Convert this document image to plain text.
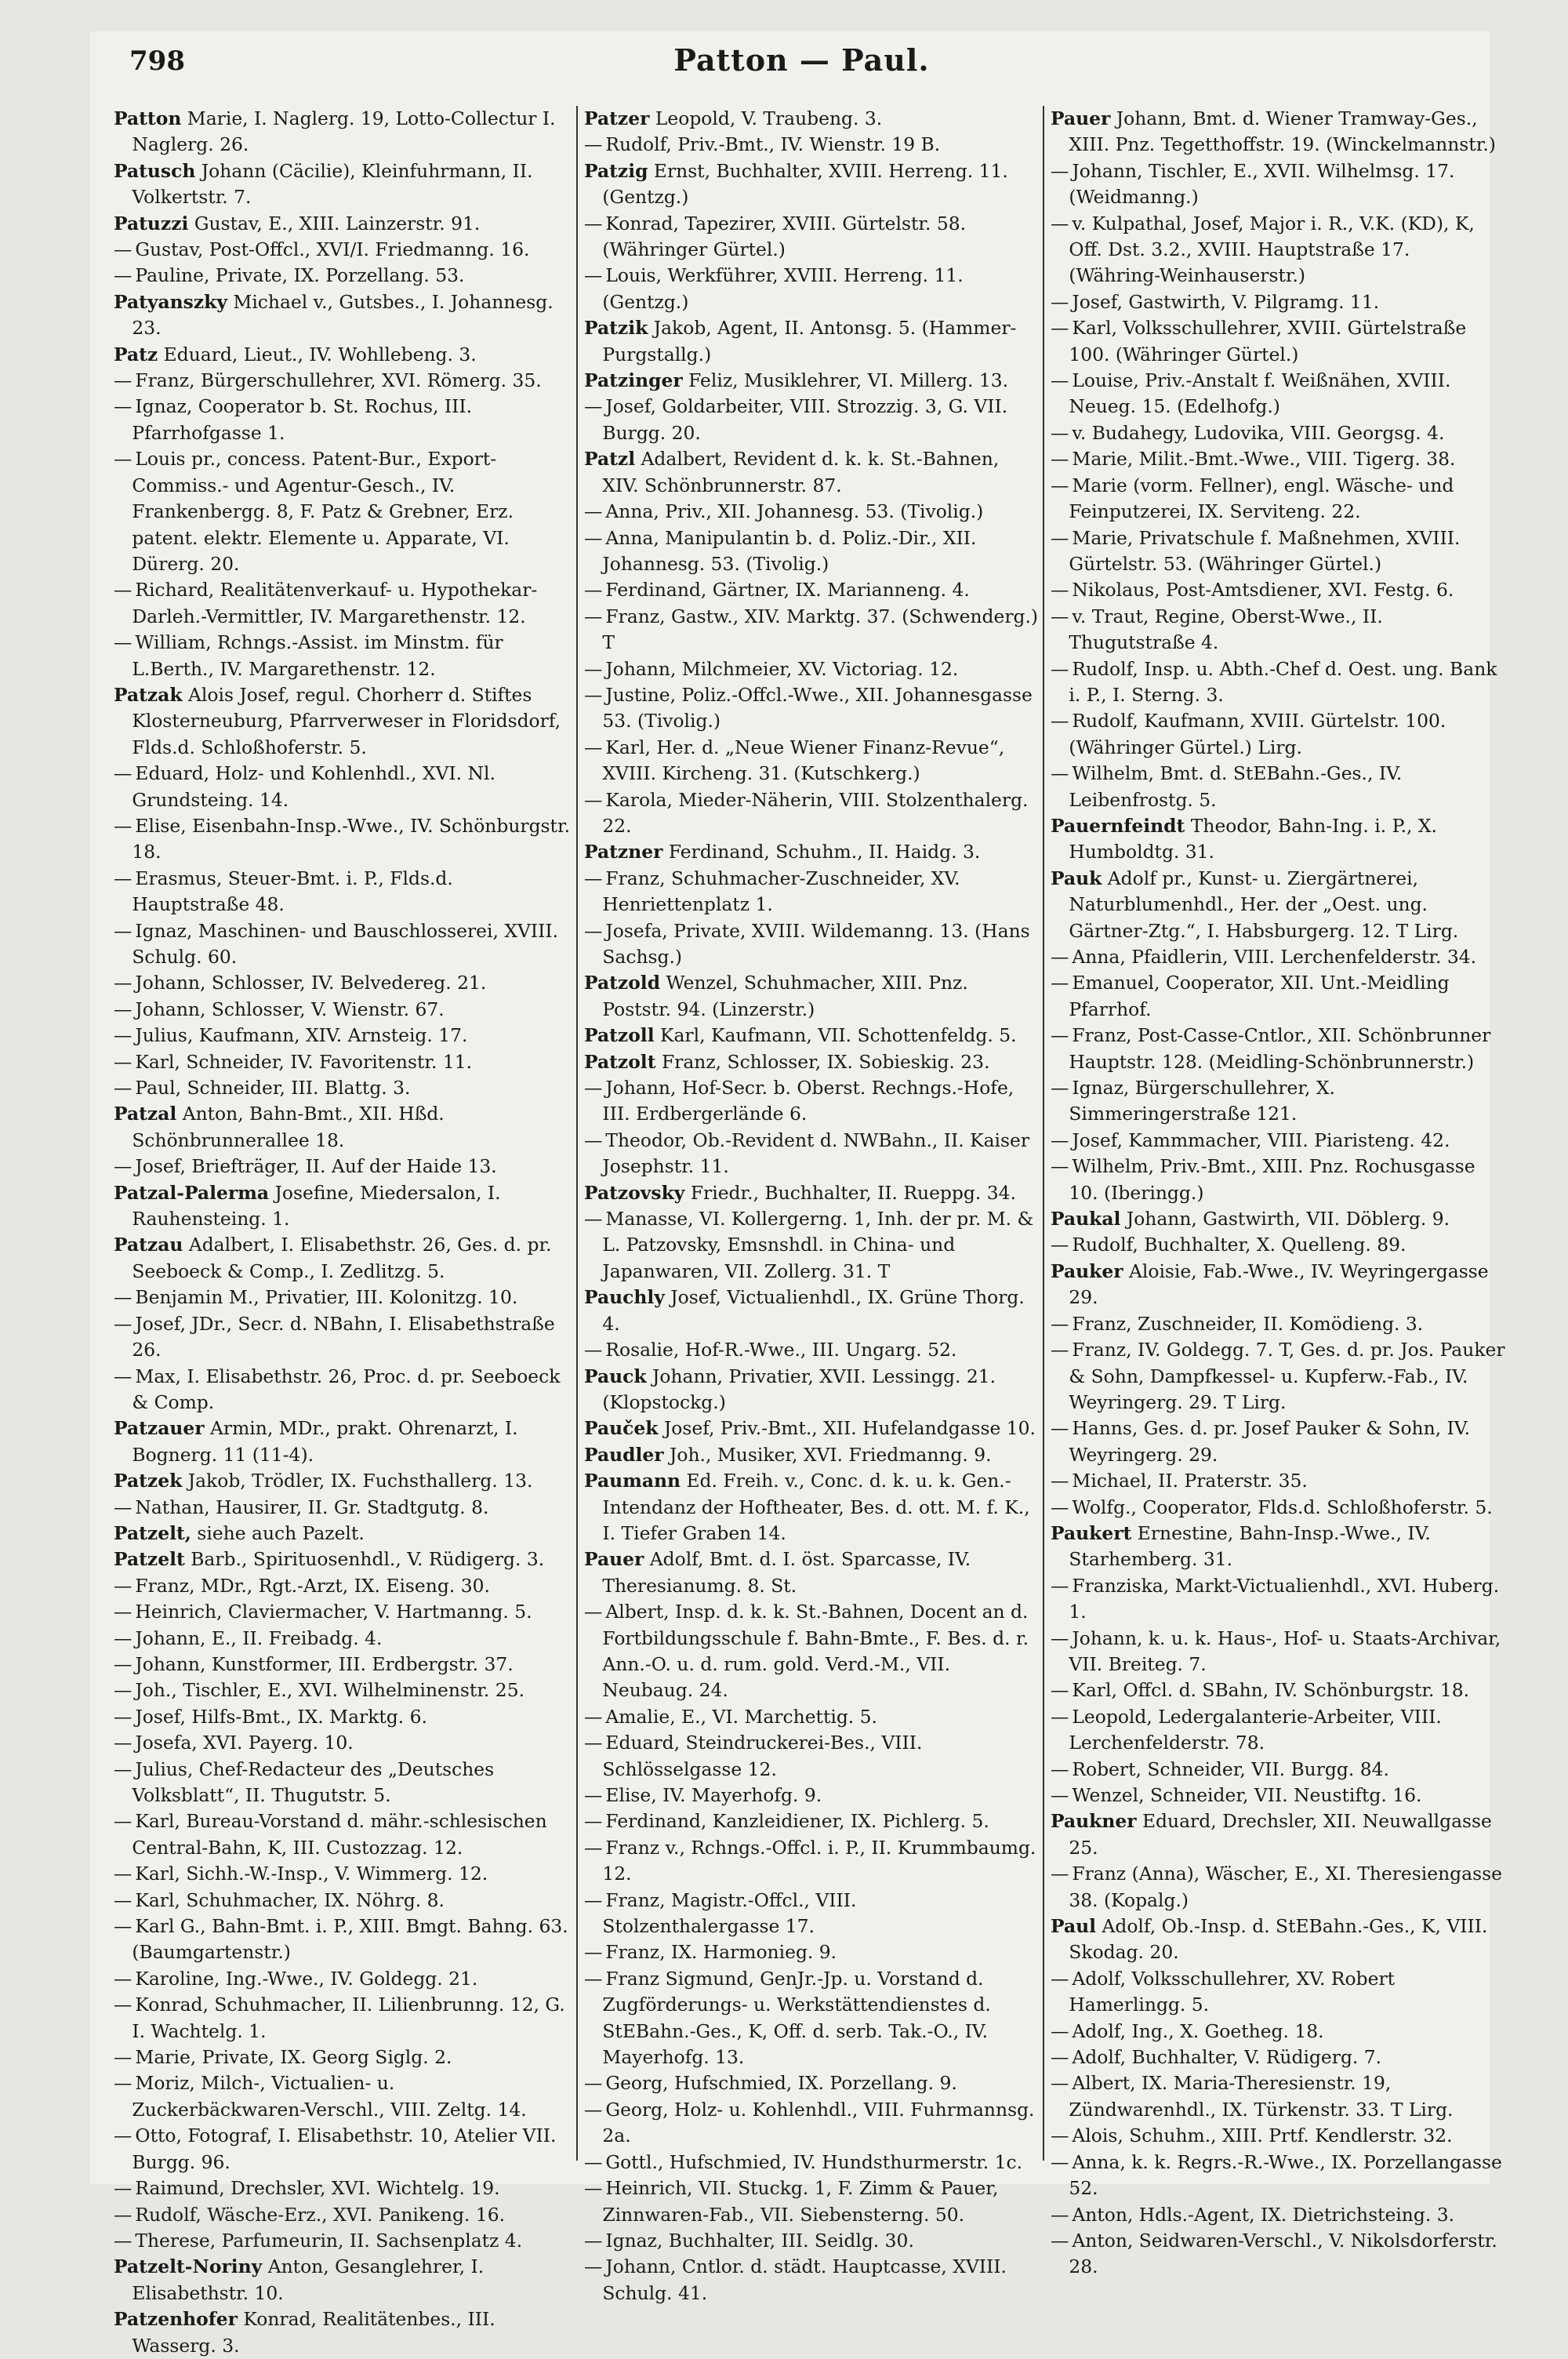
798	Patton — Paul.

Patton Marie, I. Naglerg. 19, Lotto-Collectur I. Naglerg. 26.

Patusch Johann (Cäcilie), Kleinfuhrmann, II. Volkertstr. 7.

Patuzzi Gustav, E., XIII. Lainzerstr. 91.

— Gustav, Post-Offcl., XVI/I. Friedmanng. 16.

— Pauline, Private, IX. Porzellang. 53.

Patyanszky Michael v., Gutsbes., I. Johannesg. 23.

Patz Eduard, Lieut., IV. Wohllebeng. 3.

— Franz, Bürgerschullehrer, XVI. Römerg. 35.

— Ignaz, Cooperator b. St. Rochus, III. Pfarrhofgasse 1.

— Louis pr., concess. Patent-Bur., Export-Commiss.- und Agentur-Gesch., IV. Frankenbergg. 8, F. Patz & Grebner, Erz. patent. elektr. Elemente u. Apparate, VI. Dürerg. 20.

— Richard, Realitätenverkauf- u. Hypothekar-Darleh.-Vermittler, IV. Margarethenstr. 12.

— William, Rchngs.-Assist. im Minstm. für L.Berth., IV. Margarethenstr. 12.

Patzak Alois Josef, regul. Chorherr d. Stiftes Klosterneuburg, Pfarrverweser in Floridsdorf, Flds.d. Schloßhoferstr. 5.

— Eduard, Holz- und Kohlenhdl., XVI. Nl. Grundsteing. 14.

— Elise, Eisenbahn-Insp.-Wwe., IV. Schönburgstr. 18.

— Erasmus, Steuer-Bmt. i. P., Flds.d. Hauptstraße 48.

— Ignaz, Maschinen- und Bauschlosserei, XVIII. Schulg. 60.

— Johann, Schlosser, IV. Belvedereg. 21.

— Johann, Schlosser, V. Wienstr. 67.

— Julius, Kaufmann, XIV. Arnsteig. 17.

— Karl, Schneider, IV. Favoritenstr. 11.

— Paul, Schneider, III. Blattg. 3.

Patzal Anton, Bahn-Bmt., XII. Hßd. Schönbrunnerallee 18.

— Josef, Briefträger, II. Auf der Haide 13.

Patzal-Palerma Josefine, Miedersalon, I. Rauhensteing. 1.

Patzau Adalbert, I. Elisabethstr. 26, Ges. d. pr. Seeboeck & Comp., I. Zedlitzg. 5.

— Benjamin M., Privatier, III. Kolonitzg. 10.

— Josef, JDr., Secr. d. NBahn, I. Elisabethstraße 26.

— Max, I. Elisabethstr. 26, Proc. d. pr. Seeboeck & Comp.

Patzauer Armin, MDr., prakt. Ohrenarzt, I. Bognerg. 11 (11-4).

Patzek Jakob, Trödler, IX. Fuchsthallerg. 13.

— Nathan, Hausirer, II. Gr. Stadtgutg. 8.

Patzelt, siehe auch Pazelt.

Patzelt Barb., Spirituosenhdl., V. Rüdigerg. 3.

— Franz, MDr., Rgt.-Arzt, IX. Eiseng. 30.

— Heinrich, Claviermacher, V. Hartmanng. 5.

— Johann, E., II. Freibadg. 4.

— Johann, Kunstformer, III. Erdbergstr. 37.

— Joh., Tischler, E., XVI. Wilhelminenstr. 25.

— Josef, Hilfs-Bmt., IX. Marktg. 6.

— Josefa, XVI. Payerg. 10.

— Julius, Chef-Redacteur des „Deutsches Volksblatt“, II. Thugutstr. 5.

— Karl, Bureau-Vorstand d. mähr.-schlesischen Central-Bahn, K, III. Custozzag. 12.

— Karl, Sichh.-W.-Insp., V. Wimmerg. 12.

— Karl, Schuhmacher, IX. Nöhrg. 8.

— Karl G., Bahn-Bmt. i. P., XIII. Bmgt. Bahng. 63. (Baumgartenstr.)

— Karoline, Ing.-Wwe., IV. Goldegg. 21.

— Konrad, Schuhmacher, II. Lilienbrunng. 12, G. I. Wachtelg. 1.

— Marie, Private, IX. Georg Siglg. 2.

— Moriz, Milch-, Victualien- u. Zuckerbäckwaren-Verschl., VIII. Zeltg. 14.

— Otto, Fotograf, I. Elisabethstr. 10, Atelier VII. Burgg. 96.

— Raimund, Drechsler, XVI. Wichtelg. 19.

— Rudolf, Wäsche-Erz., XVI. Panikeng. 16.

— Therese, Parfumeurin, II. Sachsenplatz 4.

Patzelt-Noriny Anton, Gesanglehrer, I. Elisabethstr. 10.

Patzenhofer Konrad, Realitätenbes., III. Wasserg. 3.

Patzer Leopold, V. Traubeng. 3.

— Rudolf, Priv.-Bmt., IV. Wienstr. 19 B.

Patzig Ernst, Buchhalter, XVIII. Herreng. 11. (Gentzg.)

— Konrad, Tapezirer, XVIII. Gürtelstr. 58. (Währinger Gürtel.)

— Louis, Werkführer, XVIII. Herreng. 11. (Gentzg.)

Patzik Jakob, Agent, II. Antonsg. 5. (Hammer-Purgstallg.)

Patzinger Feliz, Musiklehrer, VI. Millerg. 13.

— Josef, Goldarbeiter, VIII. Strozzig. 3, G. VII. Burgg. 20.

Patzl Adalbert, Revident d. k. k. St.-Bahnen, XIV. Schönbrunnerstr. 87.

— Anna, Priv., XII. Johannesg. 53. (Tivolig.)

— Anna, Manipulantin b. d. Poliz.-Dir., XII. Johannesg. 53. (Tivolig.)

— Ferdinand, Gärtner, IX. Marianneng. 4.

— Franz, Gastw., XIV. Marktg. 37. (Schwenderg.) T

— Johann, Milchmeier, XV. Victoriag. 12.

— Justine, Poliz.-Offcl.-Wwe., XII. Johannesgasse 53. (Tivolig.)

— Karl, Her. d. „Neue Wiener Finanz-Revue“, XVIII. Kircheng. 31. (Kutschkerg.)

— Karola, Mieder-Näherin, VIII. Stolzenthalerg. 22.

Patzner Ferdinand, Schuhm., II. Haidg. 3.

— Franz, Schuhmacher-Zuschneider, XV. Henriettenplatz 1.

— Josefa, Private, XVIII. Wildemanng. 13. (Hans Sachsg.)

Patzold Wenzel, Schuhmacher, XIII. Pnz. Poststr. 94. (Linzerstr.)

Patzoll Karl, Kaufmann, VII. Schottenfeldg. 5.

Patzolt Franz, Schlosser, IX. Sobieskig. 23.

— Johann, Hof-Secr. b. Oberst. Rechngs.-Hofe, III. Erdbergerlände 6.

— Theodor, Ob.-Revident d. NWBahn., II. Kaiser Josephstr. 11.

Patzovsky Friedr., Buchhalter, II. Rueppg. 34.

— Manasse, VI. Kollergerng. 1, Inh. der pr. M. & L. Patzovsky, Emsnshdl. in China- und Japanwaren, VII. Zollerg. 31. T

Pauchly Josef, Victualienhdl., IX. Grüne Thorg. 4.

— Rosalie, Hof-R.-Wwe., III. Ungarg. 52.

Pauck Johann, Privatier, XVII. Lessingg. 21. (Klopstockg.)

Pauček Josef, Priv.-Bmt., XII. Hufelandgasse 10.

Paudler Joh., Musiker, XVI. Friedmanng. 9.

Paumann Ed. Freih. v., Conc. d. k. u. k. Gen.-Intendanz der Hoftheater, Bes. d. ott. M. f. K., I. Tiefer Graben 14.

Pauer Adolf, Bmt. d. I. öst. Sparcasse, IV. Theresianumg. 8. St.

— Albert, Insp. d. k. k. St.-Bahnen, Docent an d. Fortbildungsschule f. Bahn-Bmte., F. Bes. d. r. Ann.-O. u. d. rum. gold. Verd.-M., VII. Neubaug. 24.

— Amalie, E., VI. Marchettig. 5.

— Eduard, Steindruckerei-Bes., VIII. Schlösselgasse 12.

— Elise, IV. Mayerhofg. 9.

— Ferdinand, Kanzleidiener, IX. Pichlerg. 5.

— Franz v., Rchngs.-Offcl. i. P., II. Krummbaumg. 12.

— Franz, Magistr.-Offcl., VIII. Stolzenthalergasse 17.

— Franz, IX. Harmonieg. 9.

— Franz Sigmund, GenJr.-Jp. u. Vorstand d. Zugförderungs- u. Werkstättendienstes d. StEBahn.-Ges., K, Off. d. serb. Tak.-O., IV. Mayerhofg. 13.

— Georg, Hufschmied, IX. Porzellang. 9.

— Georg, Holz- u. Kohlenhdl., VIII. Fuhrmannsg. 2a.

— Gottl., Hufschmied, IV. Hundsthurmerstr. 1c.

— Heinrich, VII. Stuckg. 1, F. Zimm & Pauer, Zinnwaren-Fab., VII. Siebensterng. 50.

— Ignaz, Buchhalter, III. Seidlg. 30.

— Johann, Cntlor. d. städt. Hauptcasse, XVIII. Schulg. 41.

Pauer Johann, Bmt. d. Wiener Tramway-Ges., XIII. Pnz. Tegetthoffstr. 19. (Winckelmannstr.)

— Johann, Tischler, E., XVII. Wilhelmsg. 17. (Weidmanng.)

— v. Kulpathal, Josef, Major i. R., V.K. (KD), K, Off. Dst. 3.2., XVIII. Hauptstraße 17. (Währing-Weinhauserstr.)

— Josef, Gastwirth, V. Pilgramg. 11.

— Karl, Volksschullehrer, XVIII. Gürtelstraße 100. (Währinger Gürtel.)

— Louise, Priv.-Anstalt f. Weißnähen, XVIII. Neueg. 15. (Edelhofg.)

— v. Budahegy, Ludovika, VIII. Georgsg. 4.

— Marie, Milit.-Bmt.-Wwe., VIII. Tigerg. 38.

— Marie (vorm. Fellner), engl. Wäsche- und Feinputzerei, IX. Serviteng. 22.

— Marie, Privatschule f. Maßnehmen, XVIII. Gürtelstr. 53. (Währinger Gürtel.)

— Nikolaus, Post-Amtsdiener, XVI. Festg. 6.

— v. Traut, Regine, Oberst-Wwe., II. Thugutstraße 4.

— Rudolf, Insp. u. Abth.-Chef d. Oest. ung. Bank i. P., I. Sterng. 3.

— Rudolf, Kaufmann, XVIII. Gürtelstr. 100. (Währinger Gürtel.) Lirg.

— Wilhelm, Bmt. d. StEBahn.-Ges., IV. Leibenfrostg. 5.

Pauernfeindt Theodor, Bahn-Ing. i. P., X. Humboldtg. 31.

Pauk Adolf pr., Kunst- u. Ziergärtnerei, Naturblumenhdl., Her. der „Oest. ung. Gärtner-Ztg.“, I. Habsburgerg. 12. T Lirg.

— Anna, Pfaidlerin, VIII. Lerchenfelderstr. 34.

— Emanuel, Cooperator, XII. Unt.-Meidling Pfarrhof.

— Franz, Post-Casse-Cntlor., XII. Schönbrunner Hauptstr. 128. (Meidling-Schönbrunnerstr.)

— Ignaz, Bürgerschullehrer, X. Simmeringerstraße 121.

— Josef, Kammmacher, VIII. Piaristeng. 42.

— Wilhelm, Priv.-Bmt., XIII. Pnz. Rochusgasse 10. (Iberingg.)

Paukal Johann, Gastwirth, VII. Döblerg. 9.

— Rudolf, Buchhalter, X. Quelleng. 89.

Pauker Aloisie, Fab.-Wwe., IV. Weyringergasse 29.

— Franz, Zuschneider, II. Komödieng. 3.

— Franz, IV. Goldegg. 7. T, Ges. d. pr. Jos. Pauker & Sohn, Dampfkessel- u. Kupferw.-Fab., IV. Weyringerg. 29. T Lirg.

— Hanns, Ges. d. pr. Josef Pauker & Sohn, IV. Weyringerg. 29.

— Michael, II. Praterstr. 35.

— Wolfg., Cooperator, Flds.d. Schloßhoferstr. 5.

Paukert Ernestine, Bahn-Insp.-Wwe., IV. Starhemberg. 31.

— Franziska, Markt-Victualienhdl., XVI. Huberg. 1.

— Johann, k. u. k. Haus-, Hof- u. Staats-Archivar, VII. Breiteg. 7.

— Karl, Offcl. d. SBahn, IV. Schönburgstr. 18.

— Leopold, Ledergalanterie-Arbeiter, VIII. Lerchenfelderstr. 78.

— Robert, Schneider, VII. Burgg. 84.

— Wenzel, Schneider, VII. Neustiftg. 16.

Paukner Eduard, Drechsler, XII. Neuwallgasse 25.

— Franz (Anna), Wäscher, E., XI. Theresiengasse 38. (Kopalg.)

Paul Adolf, Ob.-Insp. d. StEBahn.-Ges., K, VIII. Skodag. 20.

— Adolf, Volksschullehrer, XV. Robert Hamerlingg. 5.

— Adolf, Ing., X. Goetheg. 18.

— Adolf, Buchhalter, V. Rüdigerg. 7.

— Albert, IX. Maria-Theresienstr. 19, Zündwarenhdl., IX. Türkenstr. 33. T Lirg.

— Alois, Schuhm., XIII. Prtf. Kendlerstr. 32.

— Anna, k. k. Regrs.-R.-Wwe., IX. Porzellangasse 52.

— Anton, Hdls.-Agent, IX. Dietrichsteing. 3.

— Anton, Seidwaren-Verschl., V. Nikolsdorferstr. 28.
